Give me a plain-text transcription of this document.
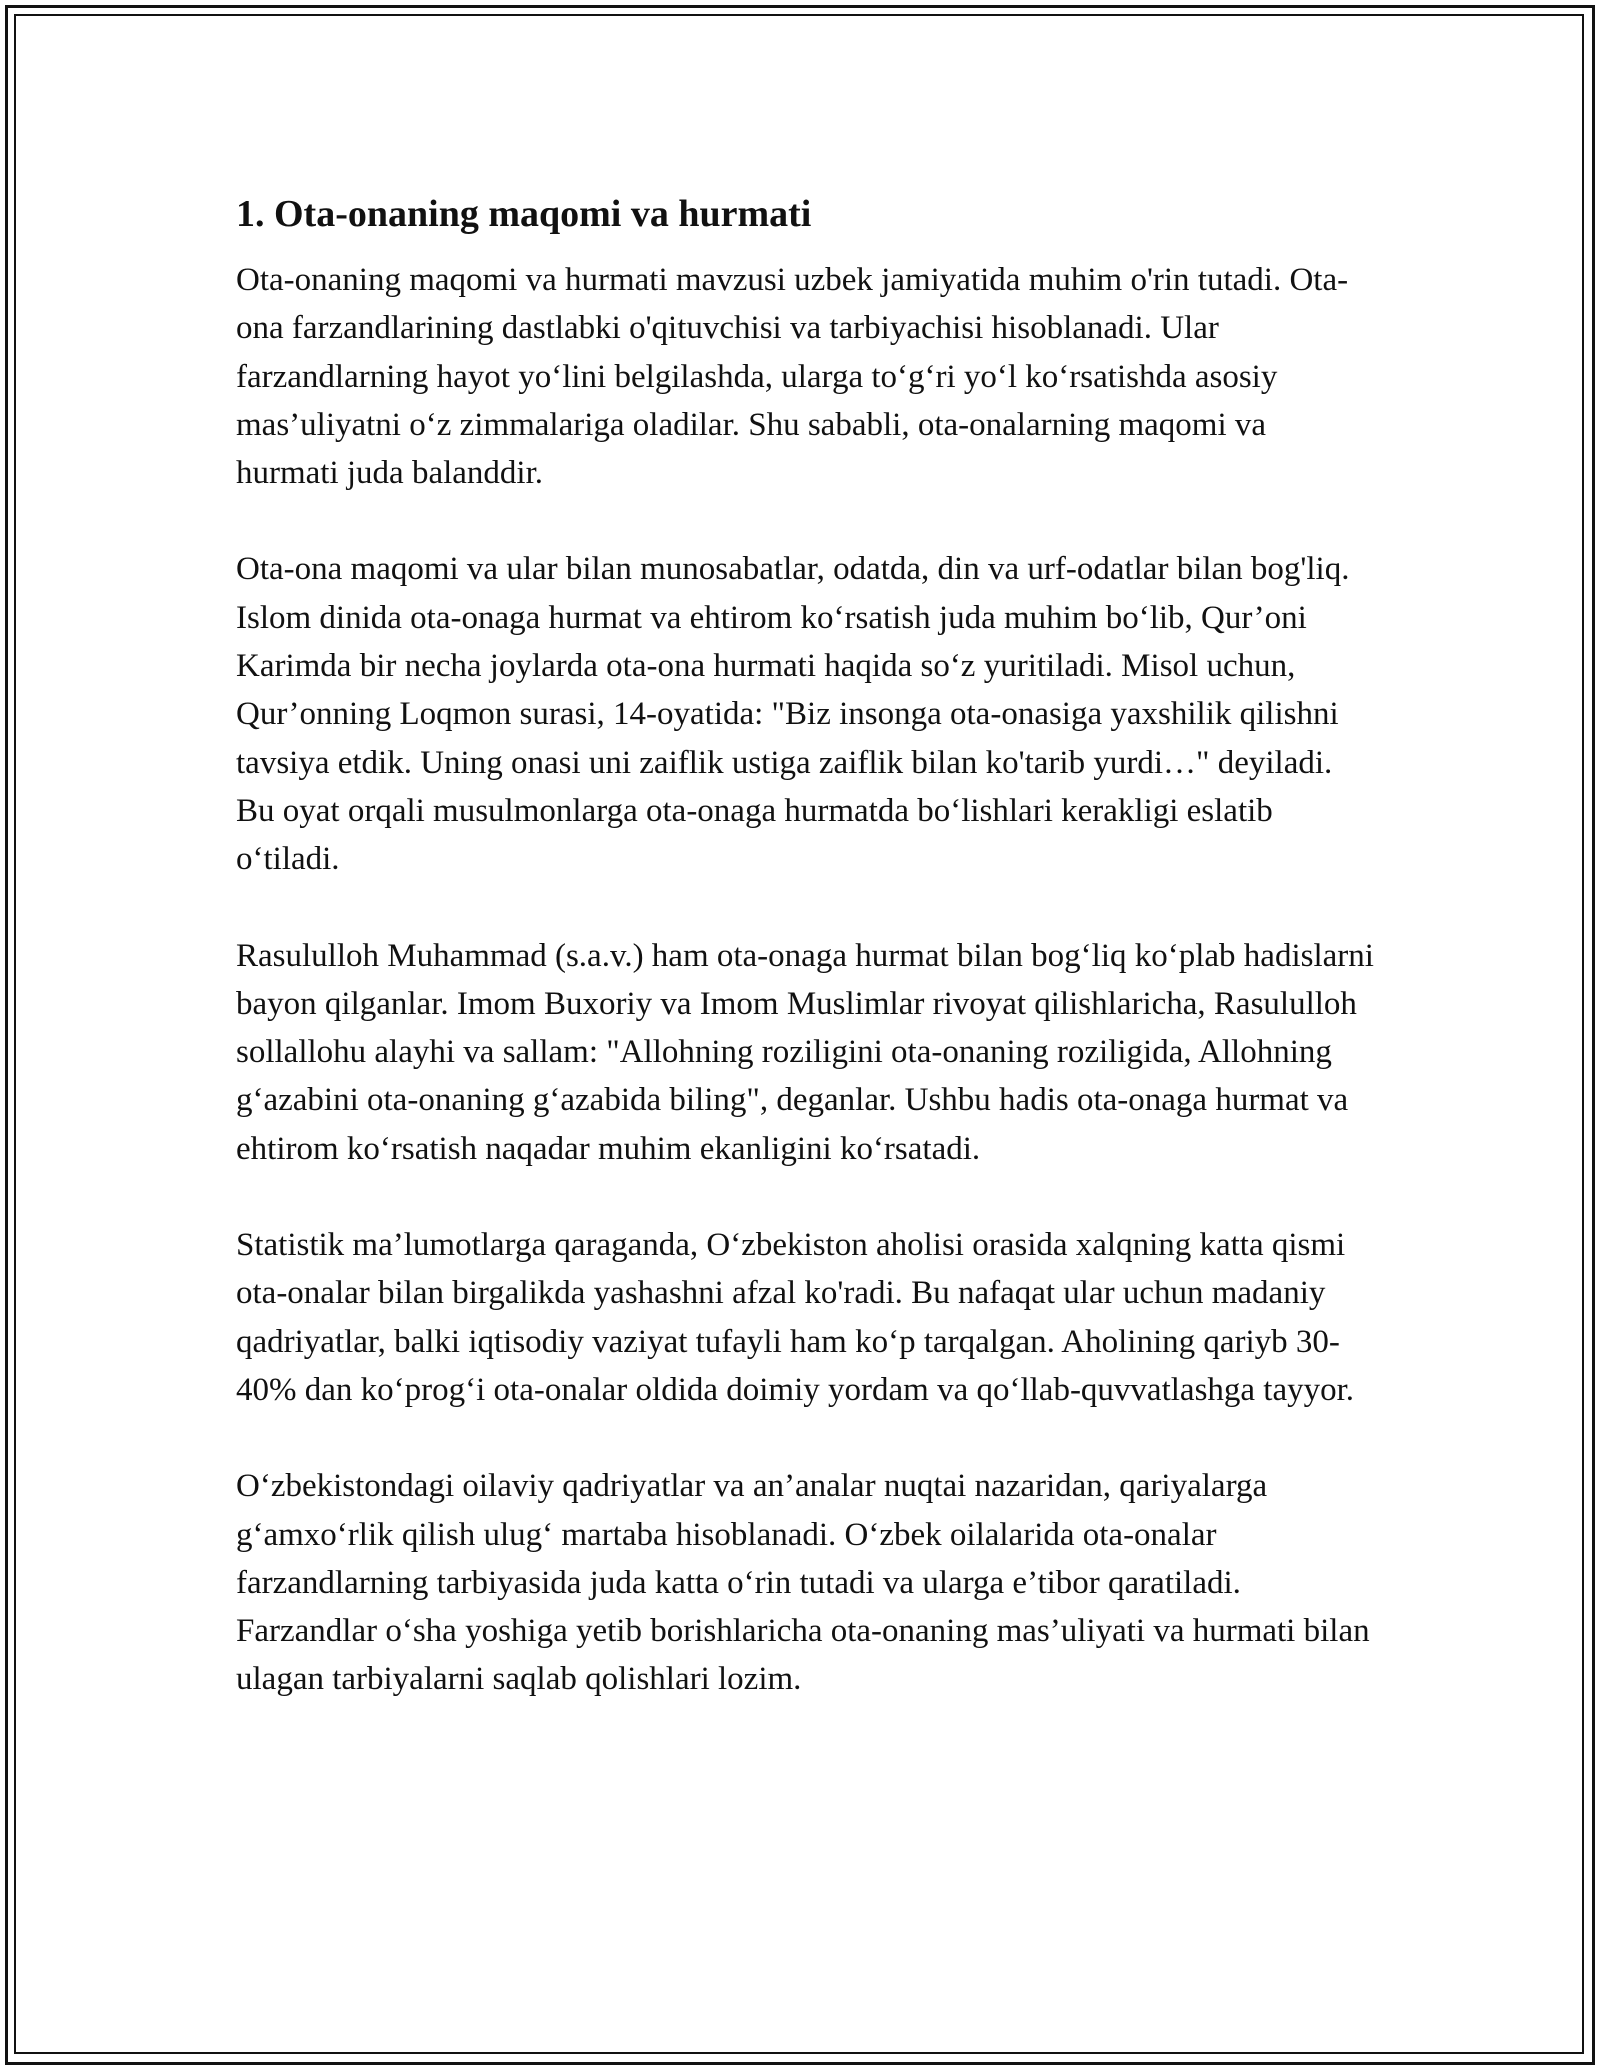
1. Ota-onaning maqomi va hurmati

Ota-onaning maqomi va hurmati mavzusi uzbek jamiyatida muhim o'rin tutadi. Ota-ona farzandlarining dastlabki o'qituvchisi va tarbiyachisi hisoblanadi. Ular farzandlarning hayot yoʻlini belgilashda, ularga toʻgʻri yoʻl koʻrsatishda asosiy mas’uliyatni oʻz zimmalariga oladilar. Shu sababli, ota-onalarning maqomi va hurmati juda balanddir.

Ota-ona maqomi va ular bilan munosabatlar, odatda, din va urf-odatlar bilan bog'liq. Islom dinida ota-onaga hurmat va ehtirom koʻrsatish juda muhim boʻlib, Qur’oni Karimda bir necha joylarda ota-ona hurmati haqida soʻz yuritiladi. Misol uchun, Qur’onning Loqmon surasi, 14-oyatida: "Biz insonga ota-onasiga yaxshilik qilishni tavsiya etdik. Uning onasi uni zaiflik ustiga zaiflik bilan ko'tarib yurdi…" deyiladi. Bu oyat orqali musulmonlarga ota-onaga hurmatda boʻlishlari kerakligi eslatib oʻtiladi.

Rasululloh Muhammad (s.a.v.) ham ota-onaga hurmat bilan bogʻliq koʻplab hadislarni bayon qilganlar. Imom Buxoriy va Imom Muslimlar rivoyat qilishlaricha, Rasululloh sollallohu alayhi va sallam: "Allohning roziligini ota-onaning roziligida, Allohning gʻazabini ota-onaning gʻazabida biling", deganlar. Ushbu hadis ota-onaga hurmat va ehtirom koʻrsatish naqadar muhim ekanligini koʻrsatadi.

Statistik ma’lumotlarga qaraganda, Oʻzbekiston aholisi orasida xalqning katta qismi ota-onalar bilan birgalikda yashashni afzal ko'radi. Bu nafaqat ular uchun madaniy qadriyatlar, balki iqtisodiy vaziyat tufayli ham koʻp tarqalgan. Aholining qariyb 30-40% dan koʻprogʻi ota-onalar oldida doimiy yordam va qoʻllab-quvvatlashga tayyor.

Oʻzbekistondagi oilaviy qadriyatlar va an’analar nuqtai nazaridan, qariyalarga gʻamxoʻrlik qilish ulugʻ martaba hisoblanadi. Oʻzbek oilalarida ota-onalar farzandlarning tarbiyasida juda katta oʻrin tutadi va ularga e’tibor qaratiladi. Farzandlar oʻsha yoshiga yetib borishlaricha ota-onaning mas’uliyati va hurmati bilan ulagan tarbiyalarni saqlab qolishlari lozim.
